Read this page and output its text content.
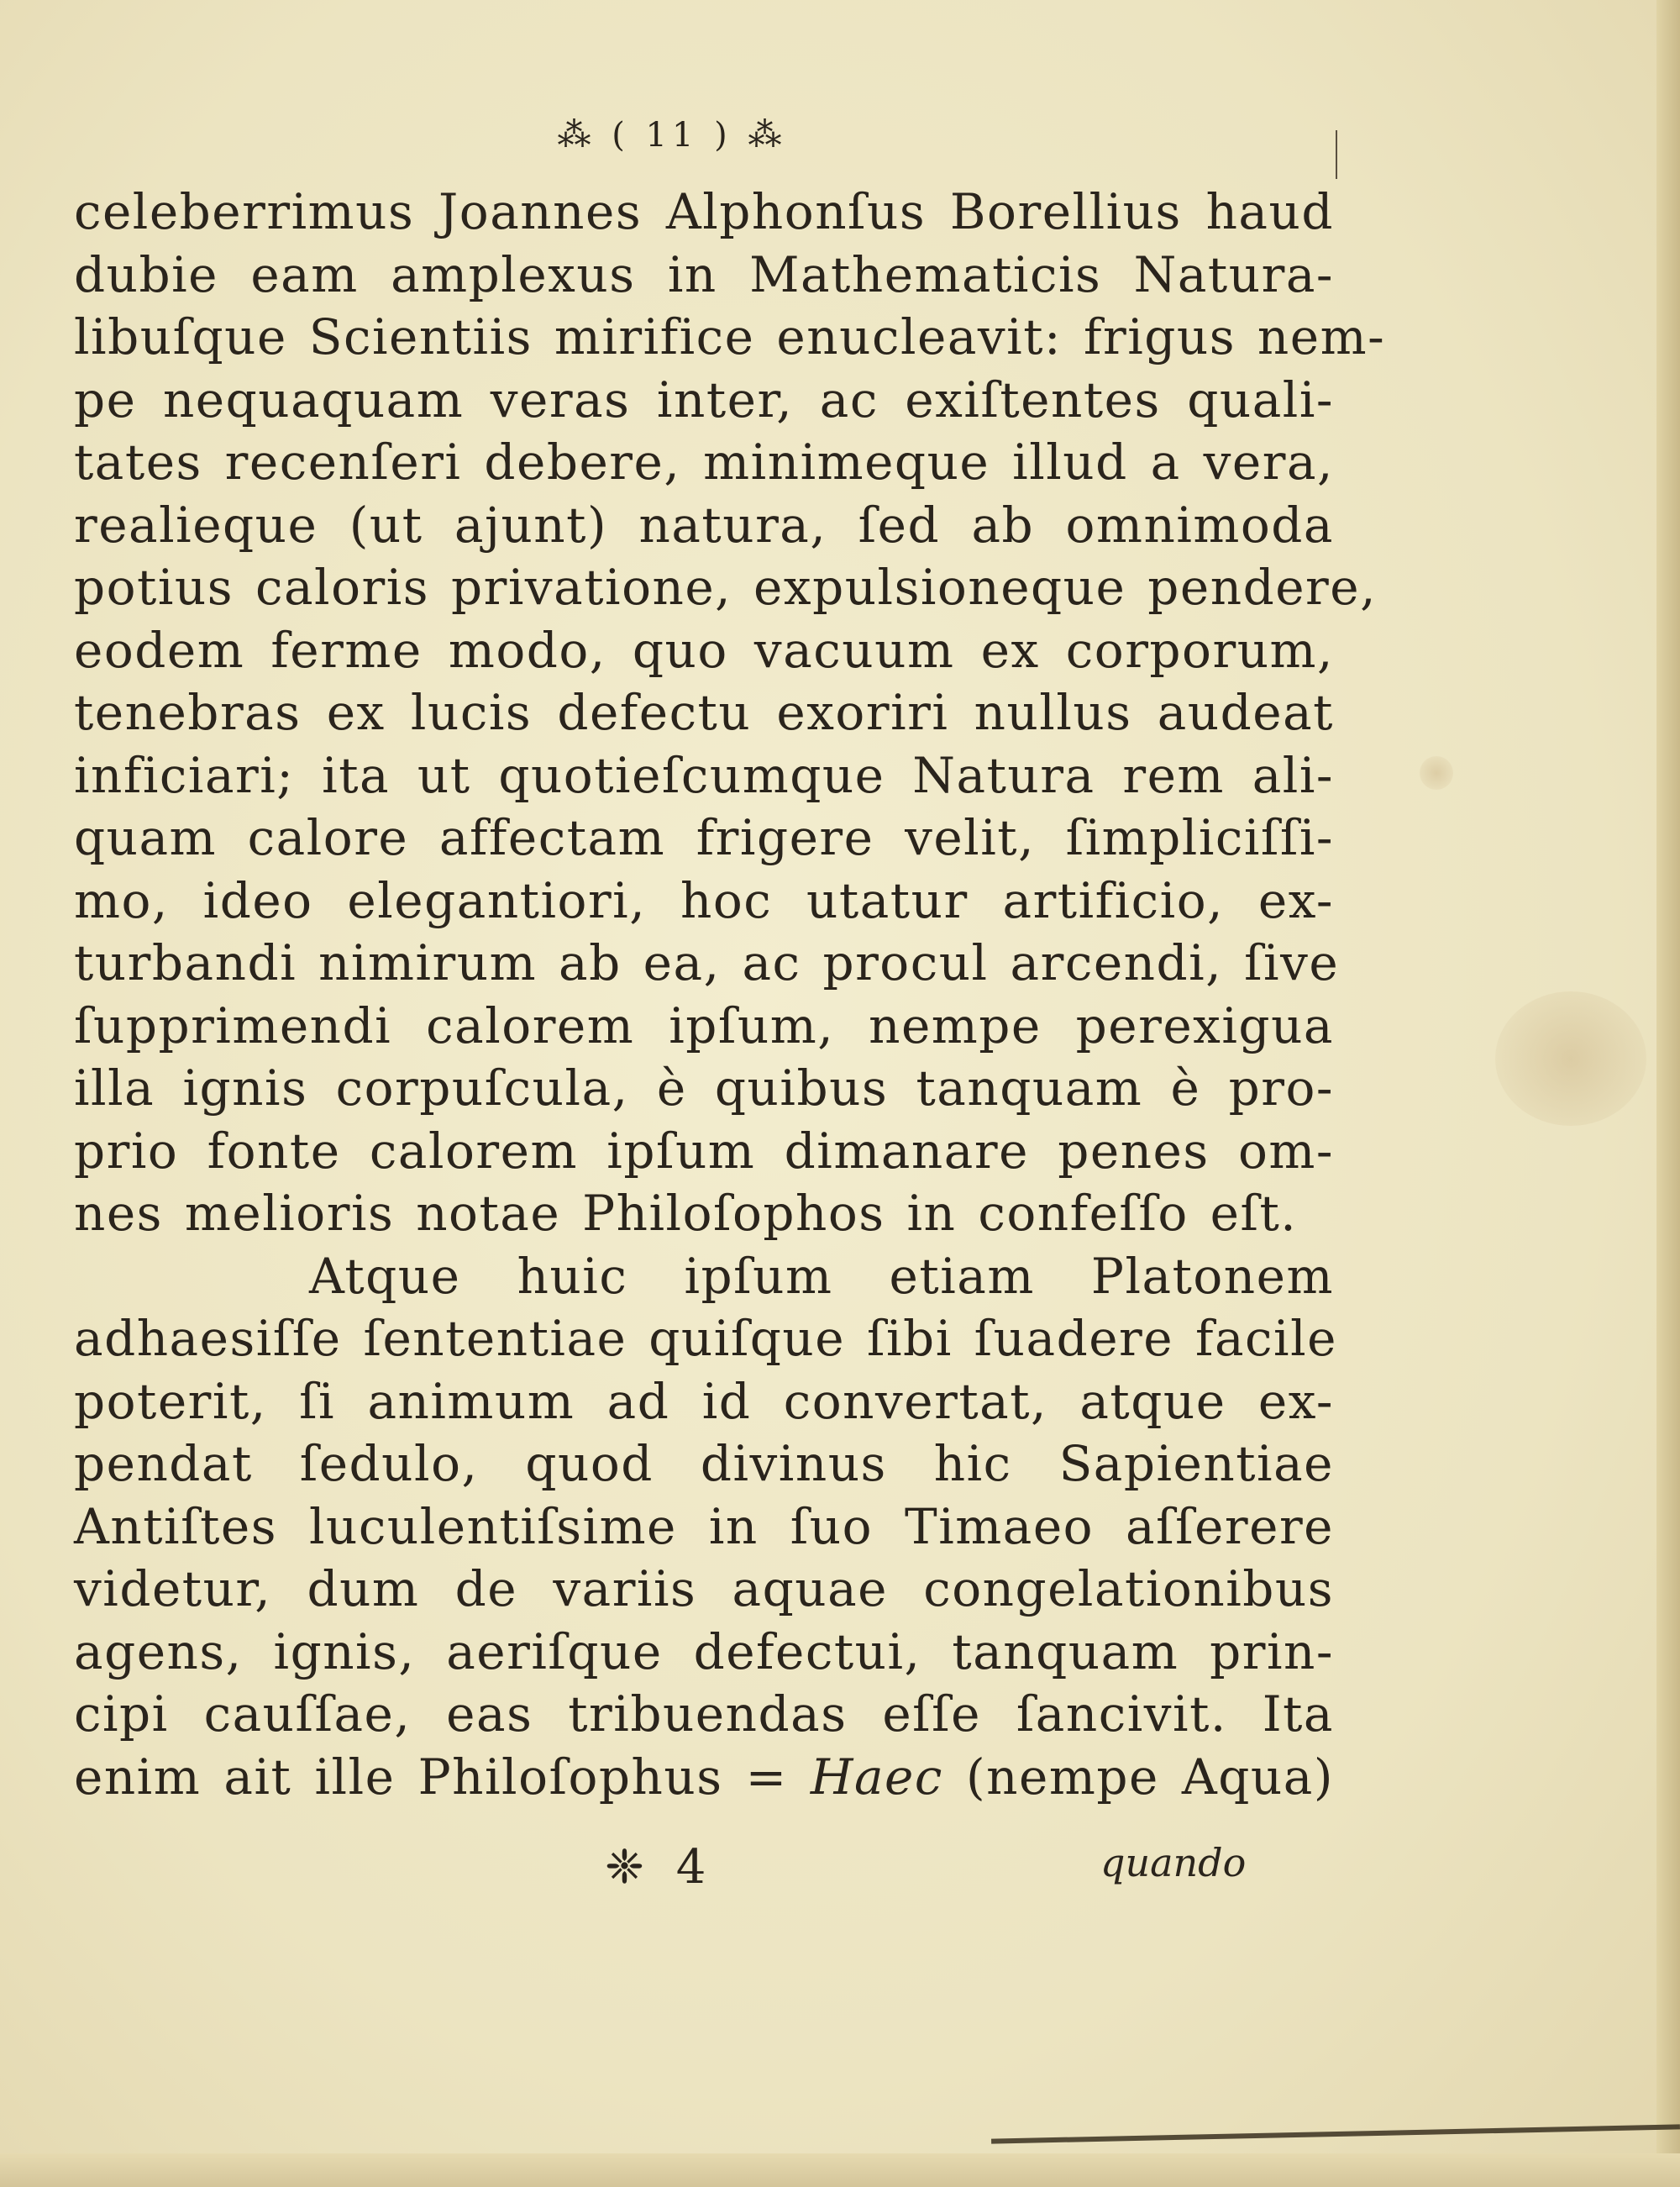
⁂ ( 11 ) ⁂
celeberrimus Joannes Alphonſus Borellius haud
dubie eam amplexus in Mathematicis Natura-
libuſque Scientiis mirifice enucleavit: frigus nem-
pe nequaquam veras inter, ac exiſtentes quali-
tates recenſeri debere, minimeque illud a vera,
realieque (ut ajunt) natura, ſed ab omnimoda
potius caloris privatione, expulsioneque pendere,
eodem ferme modo, quo vacuum ex corporum,
tenebras ex lucis defectu exoriri nullus audeat
inficiari; ita ut quotieſcumque Natura rem ali-
quam calore affectam frigere velit, ſimpliciſſi-
mo, ideo elegantiori, hoc utatur artificio, ex-
turbandi nimirum ab ea, ac procul arcendi, ſive
ſupprimendi calorem ipſum, nempe perexigua
illa ignis corpuſcula, è quibus tanquam è pro-
prio fonte calorem ipſum dimanare penes om-
nes melioris notae Philoſophos in confeſſo eſt.
Atque huic ipſum etiam Platonem
adhaesiſſe ſententiae quiſque ſibi ſuadere facile
poterit, ſi animum ad id convertat, atque ex-
pendat ſedulo, quod divinus hic Sapientiae
Antiſtes luculentiſsime in ſuo Timaeo aſſerere
videtur, dum de variis aquae congelationibus
agens, ignis, aeriſque defectui, tanquam prin-
cipi cauſſae, eas tribuendas eſſe ſancivit. Ita
enim ait ille Philoſophus = Haec (nempe Aqua)
❈ 4	quando
